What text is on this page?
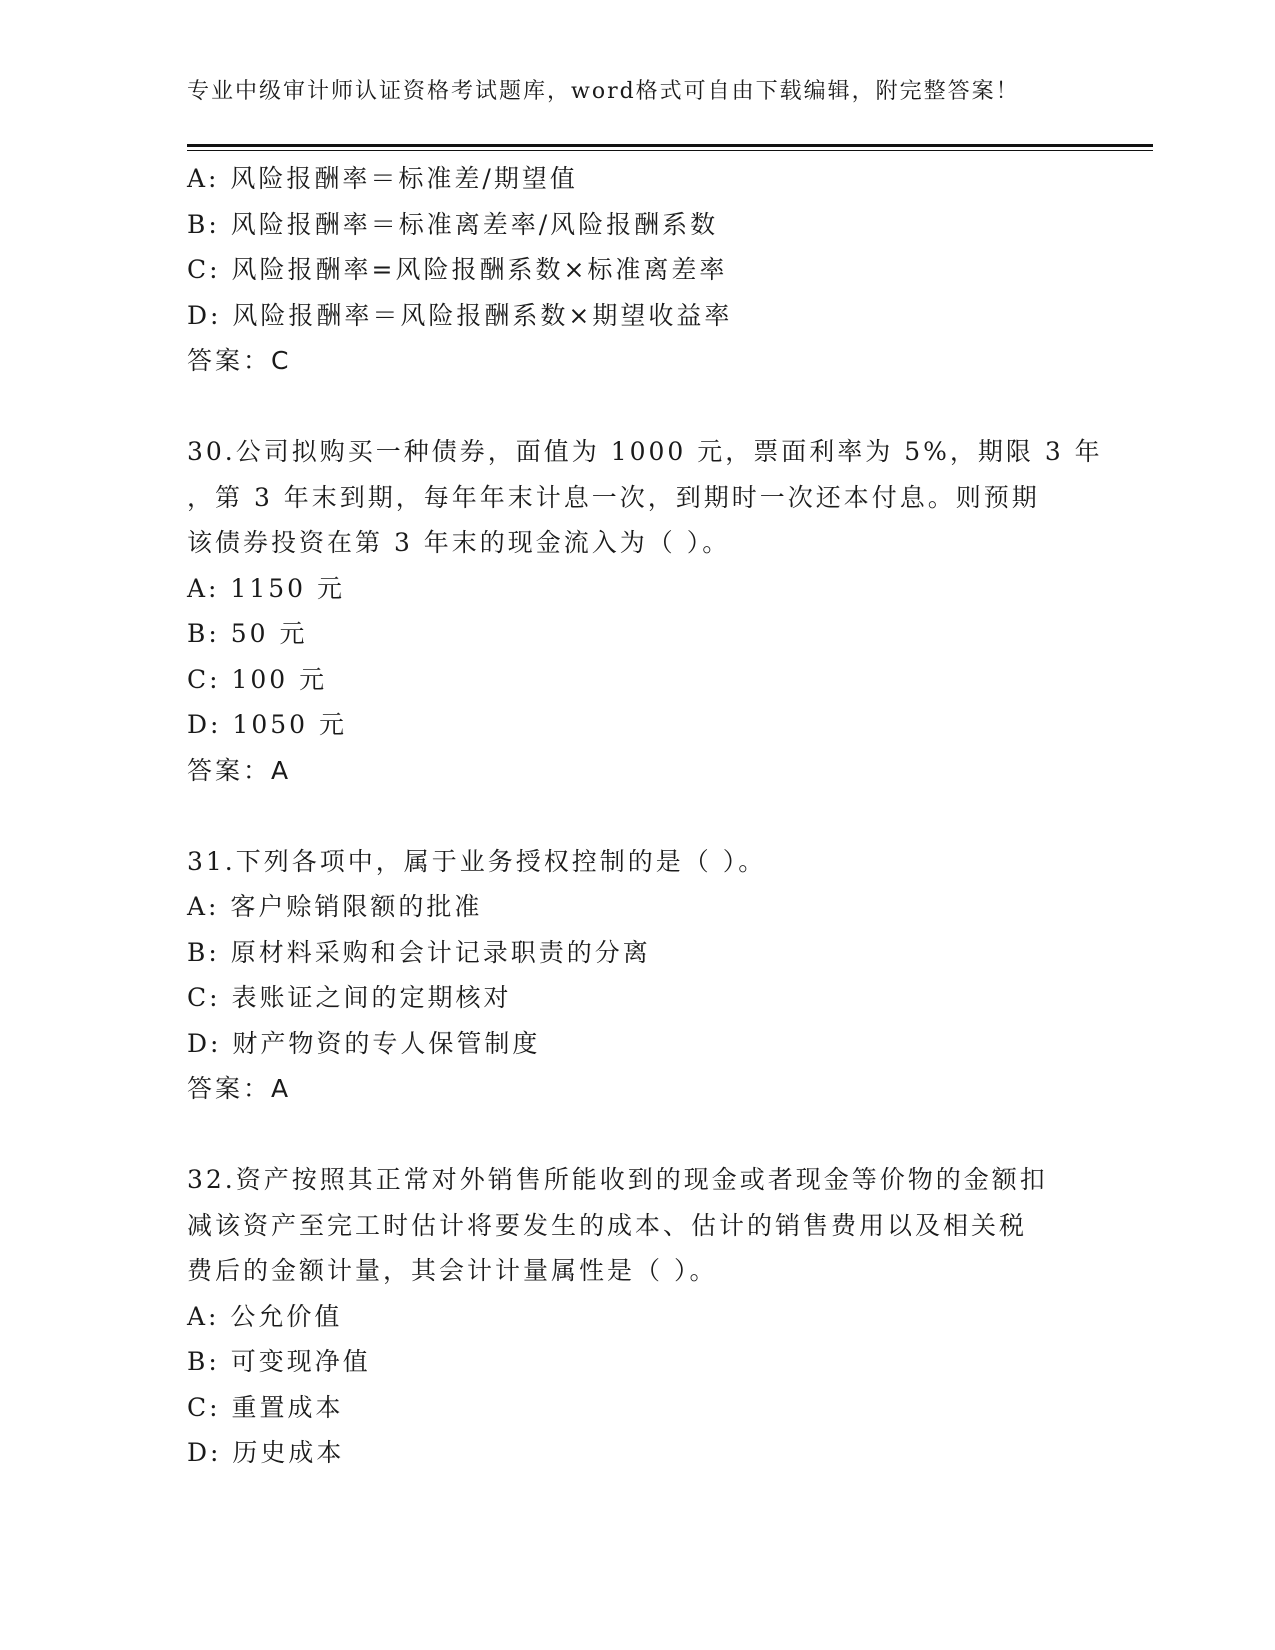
专业中级审计师认证资格考试题库，word格式可自由下载编辑，附完整答案！
A: 风险报酬率＝标准差/期望值
B: 风险报酬率＝标准离差率/风险报酬系数
C: 风险报酬率=风险报酬系数×标准离差率
D: 风险报酬率＝风险报酬系数×期望收益率
答案：C
30.公司拟购买一种债券，面值为 1000 元，票面利率为 5%，期限 3 年
，第 3 年末到期，每年年末计息一次，到期时一次还本付息。则预期
该债券投资在第 3 年末的现金流入为（ ）。
A: 1150 元
B: 50 元
C: 100 元
D: 1050 元
答案：A
31.下列各项中，属于业务授权控制的是（ ）。
A: 客户赊销限额的批准
B: 原材料采购和会计记录职责的分离
C: 表账证之间的定期核对
D: 财产物资的专人保管制度
答案：A
32.资产按照其正常对外销售所能收到的现金或者现金等价物的金额扣
减该资产至完工时估计将要发生的成本、估计的销售费用以及相关税
费后的金额计量，其会计计量属性是（ ）。
A: 公允价值
B: 可变现净值
C: 重置成本
D: 历史成本
